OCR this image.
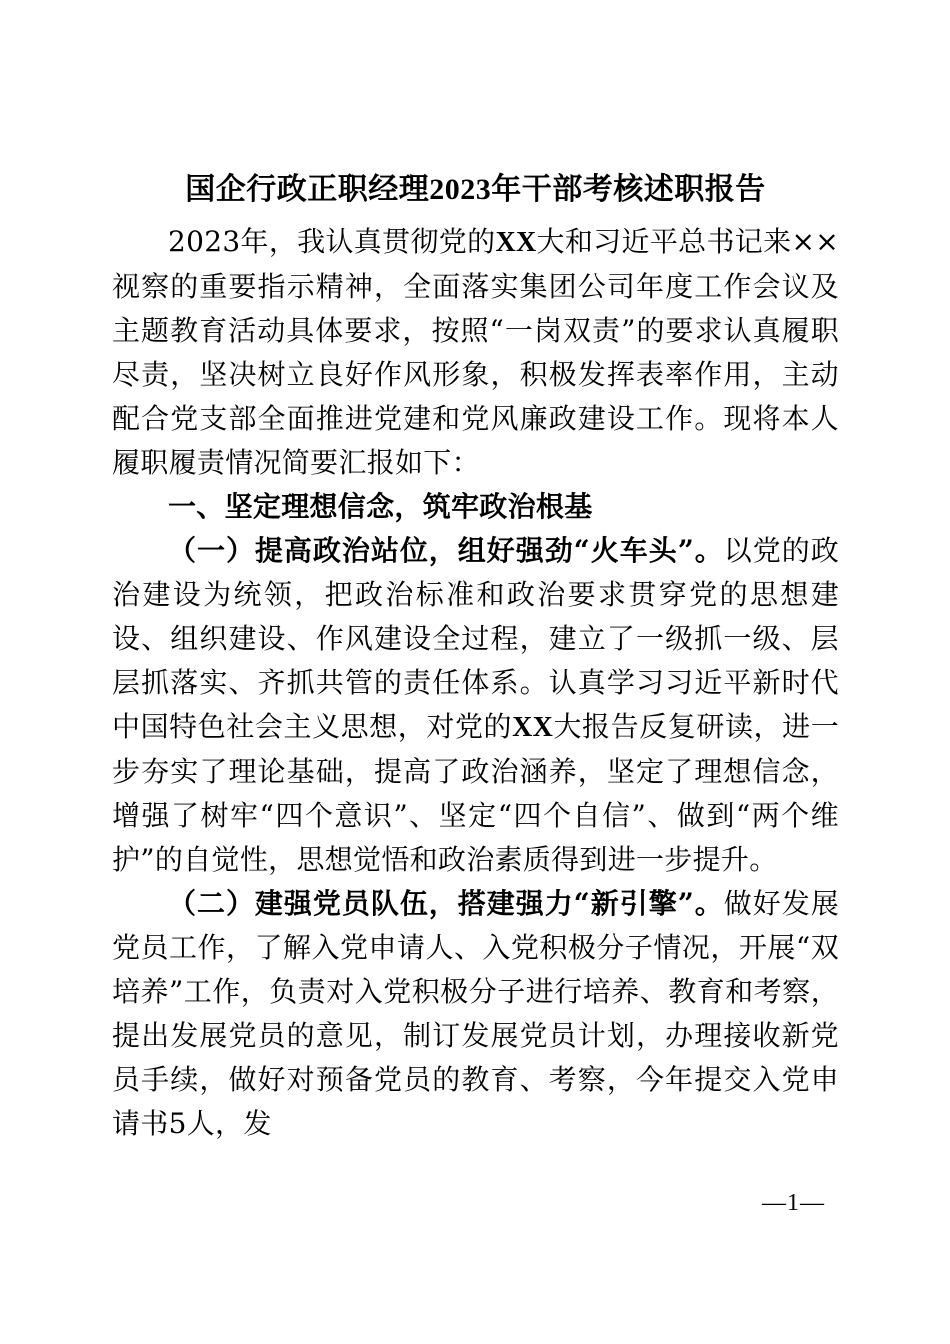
国企行政正职经理2023年干部考核述职报告

2023年，我认真贯彻党的XX大和习近平总书记来××视察的重要指示精神，全面落实集团公司年度工作会议及主题教育活动具体要求，按照“一岗双责”的要求认真履职尽责，坚决树立良好作风形象，积极发挥表率作用，主动配合党支部全面推进党建和党风廉政建设工作。现将本人履职履责情况简要汇报如下：

一、坚定理想信念，筑牢政治根基

（一）提高政治站位，组好强劲“火车头”。以党的政治建设为统领，把政治标准和政治要求贯穿党的思想建设、组织建设、作风建设全过程，建立了一级抓一级、层层抓落实、齐抓共管的责任体系。认真学习习近平新时代中国特色社会主义思想，对党的XX大报告反复研读，进一步夯实了理论基础，提高了政治涵养，坚定了理想信念，增强了树牢“四个意识”、坚定“四个自信”、做到“两个维护”的自觉性，思想觉悟和政治素质得到进一步提升。

（二）建强党员队伍，搭建强力“新引擎”。做好发展党员工作，了解入党申请人、入党积极分子情况，开展“双培养”工作，负责对入党积极分子进行培养、教育和考察，提出发展党员的意见，制订发展党员计划，办理接收新党员手续，做好对预备党员的教育、考察，今年提交入党申请书5人，发

—1—
